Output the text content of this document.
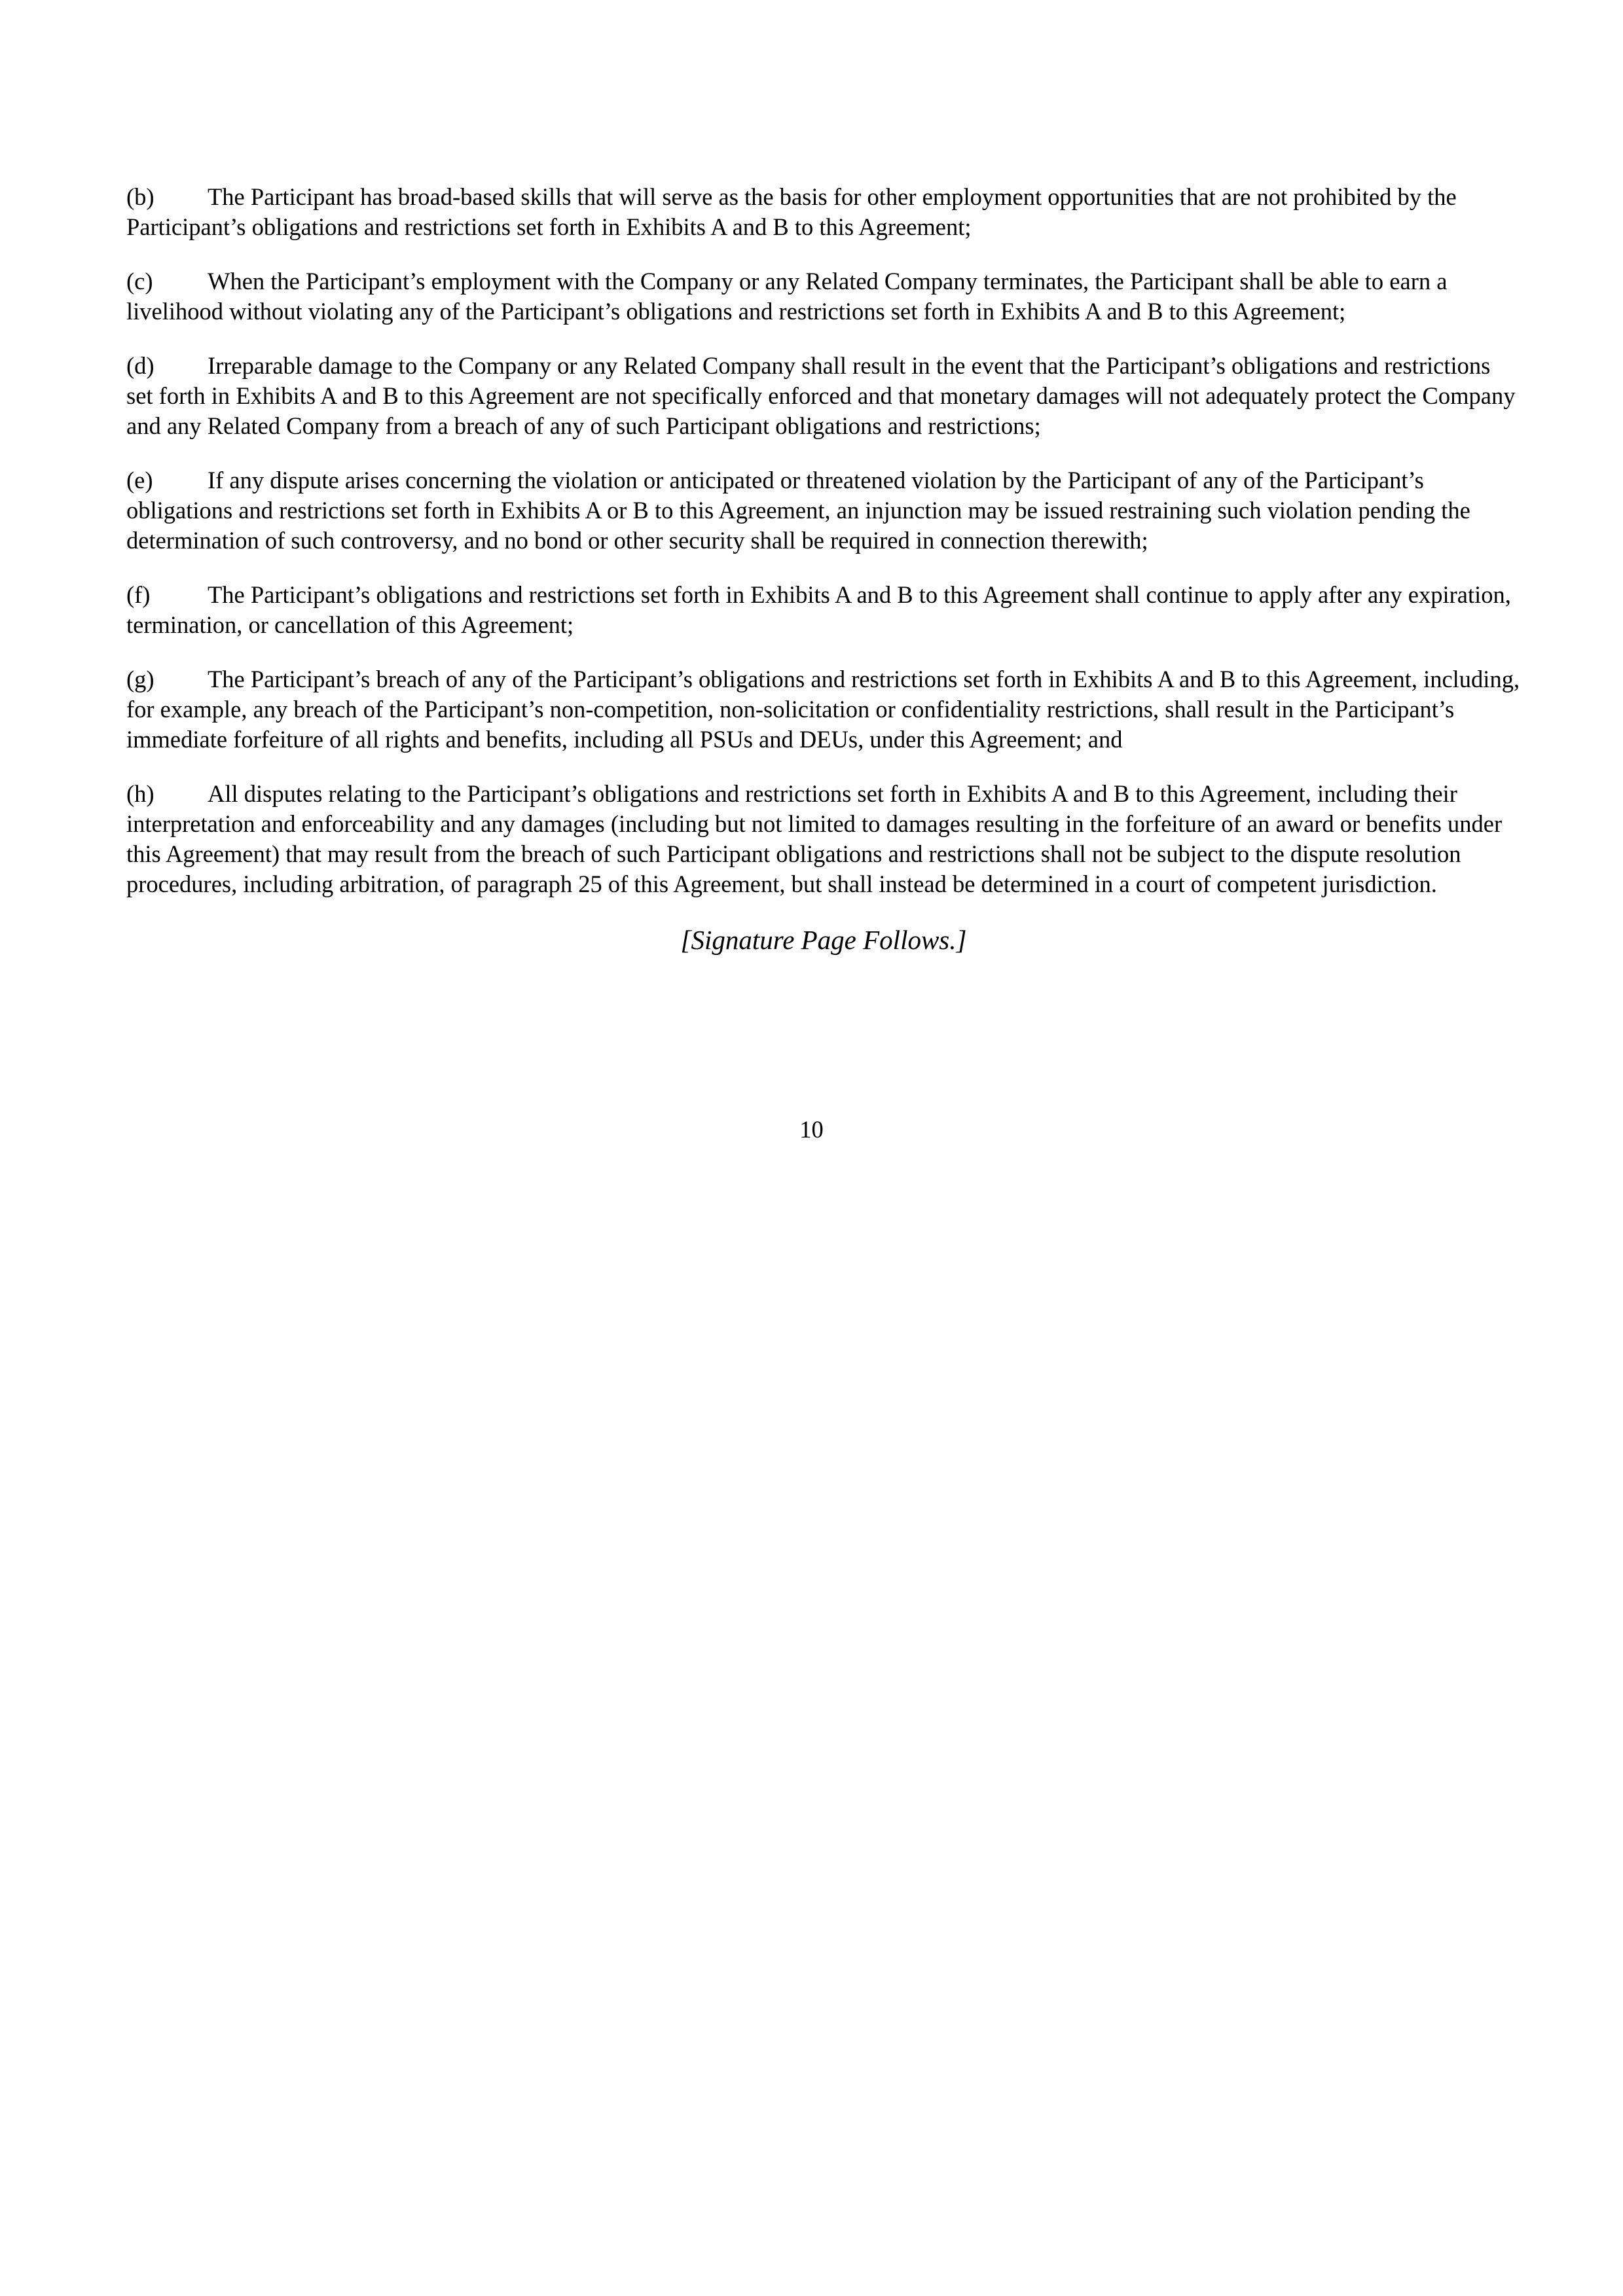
(b) The Participant has broad-based skills that will serve as the basis for other employment opportunities that are not prohibited by the Participant’s obligations and restrictions set forth in Exhibits A and B to this Agreement;

(c) When the Participant’s employment with the Company or any Related Company terminates, the Participant shall be able to earn a livelihood without violating any of the Participant’s obligations and restrictions set forth in Exhibits A and B to this Agreement;

(d) Irreparable damage to the Company or any Related Company shall result in the event that the Participant’s obligations and restrictions set forth in Exhibits A and B to this Agreement are not specifically enforced and that monetary damages will not adequately protect the Company and any Related Company from a breach of any of such Participant obligations and restrictions;

(e) If any dispute arises concerning the violation or anticipated or threatened violation by the Participant of any of the Participant’s obligations and restrictions set forth in Exhibits A or B to this Agreement, an injunction may be issued restraining such violation pending the determination of such controversy, and no bond or other security shall be required in connection therewith;

(f) The Participant’s obligations and restrictions set forth in Exhibits A and B to this Agreement shall continue to apply after any expiration, termination, or cancellation of this Agreement;

(g) The Participant’s breach of any of the Participant’s obligations and restrictions set forth in Exhibits A and B to this Agreement, including, for example, any breach of the Participant’s non-competition, non-solicitation or confidentiality restrictions, shall result in the Participant’s immediate forfeiture of all rights and benefits, including all PSUs and DEUs, under this Agreement; and

(h) All disputes relating to the Participant’s obligations and restrictions set forth in Exhibits A and B to this Agreement, including their interpretation and enforceability and any damages (including but not limited to damages resulting in the forfeiture of an award or benefits under this Agreement) that may result from the breach of such Participant obligations and restrictions shall not be subject to the dispute resolution procedures, including arbitration, of paragraph 25 of this Agreement, but shall instead be determined in a court of competent jurisdiction.

[Signature Page Follows.]
10
